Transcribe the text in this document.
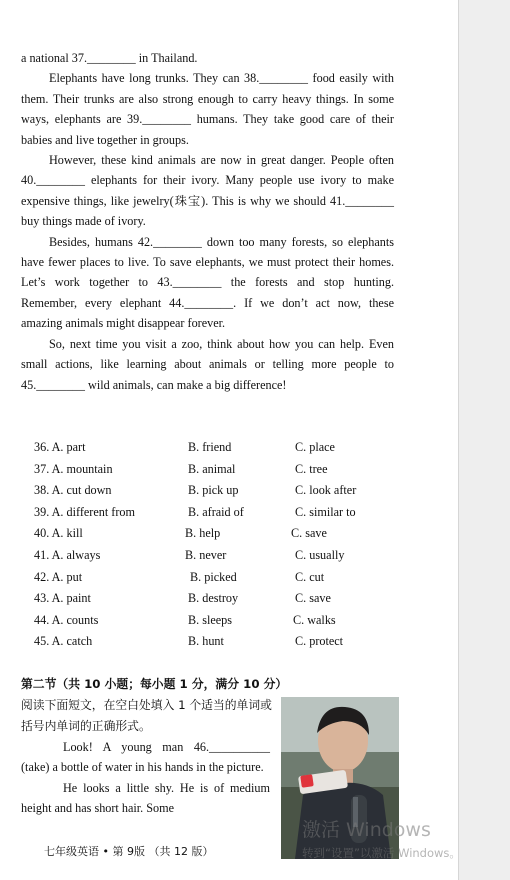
a national 37.________ in Thailand.

Elephants have long trunks. They can 38.________ food easily with them. Their trunks are also strong enough to carry heavy things. In some ways, elephants are 39.________ humans. They take good care of their babies and live together in groups.

However, these kind animals are now in great danger. People often 40.________ elephants for their ivory. Many people use ivory to make expensive things, like jewelry(珠宝). This is why we should 41.________ buy things made of ivory.

Besides, humans 42.________ down too many forests, so elephants have fewer places to live. To save elephants, we must protect their homes. Let’s work together to 43.________ the forests and stop hunting. Remember, every elephant 44.________. If we don’t act now, these amazing animals might disappear forever.

So, next time you visit a zoo, think about how you can help. Even small actions, like learning about animals or telling more people to 45.________ wild animals, can make a big difference!

36. A. part	B. friend	C. place
37. A. mountain	B. animal	C. tree
38. A. cut down	B. pick up	C. look after
39. A. different from	B. afraid of	C. similar to
40. A. kill	B. help	C. save
41. A. always	B. never	C. usually
42. A. put	B. picked	C. cut
43. A. paint	B. destroy	C. save
44. A. counts	B. sleeps	C. walks
45. A. catch	B. hunt	C. protect
第二节（共 10 小题；每小题 1 分，满分 10 分）

阅读下面短文，在空白处填入 1 个适当的单词或括号内单词的正确形式。

Look! A young man 46.__________ (take) a bottle of water in his hands in the picture.

He looks a little shy. He is of medium height and has short hair. Some

七年级英语 • 第 9版 （共 12 版）
激活 Windows
转到“设置”以激活 Windows。
